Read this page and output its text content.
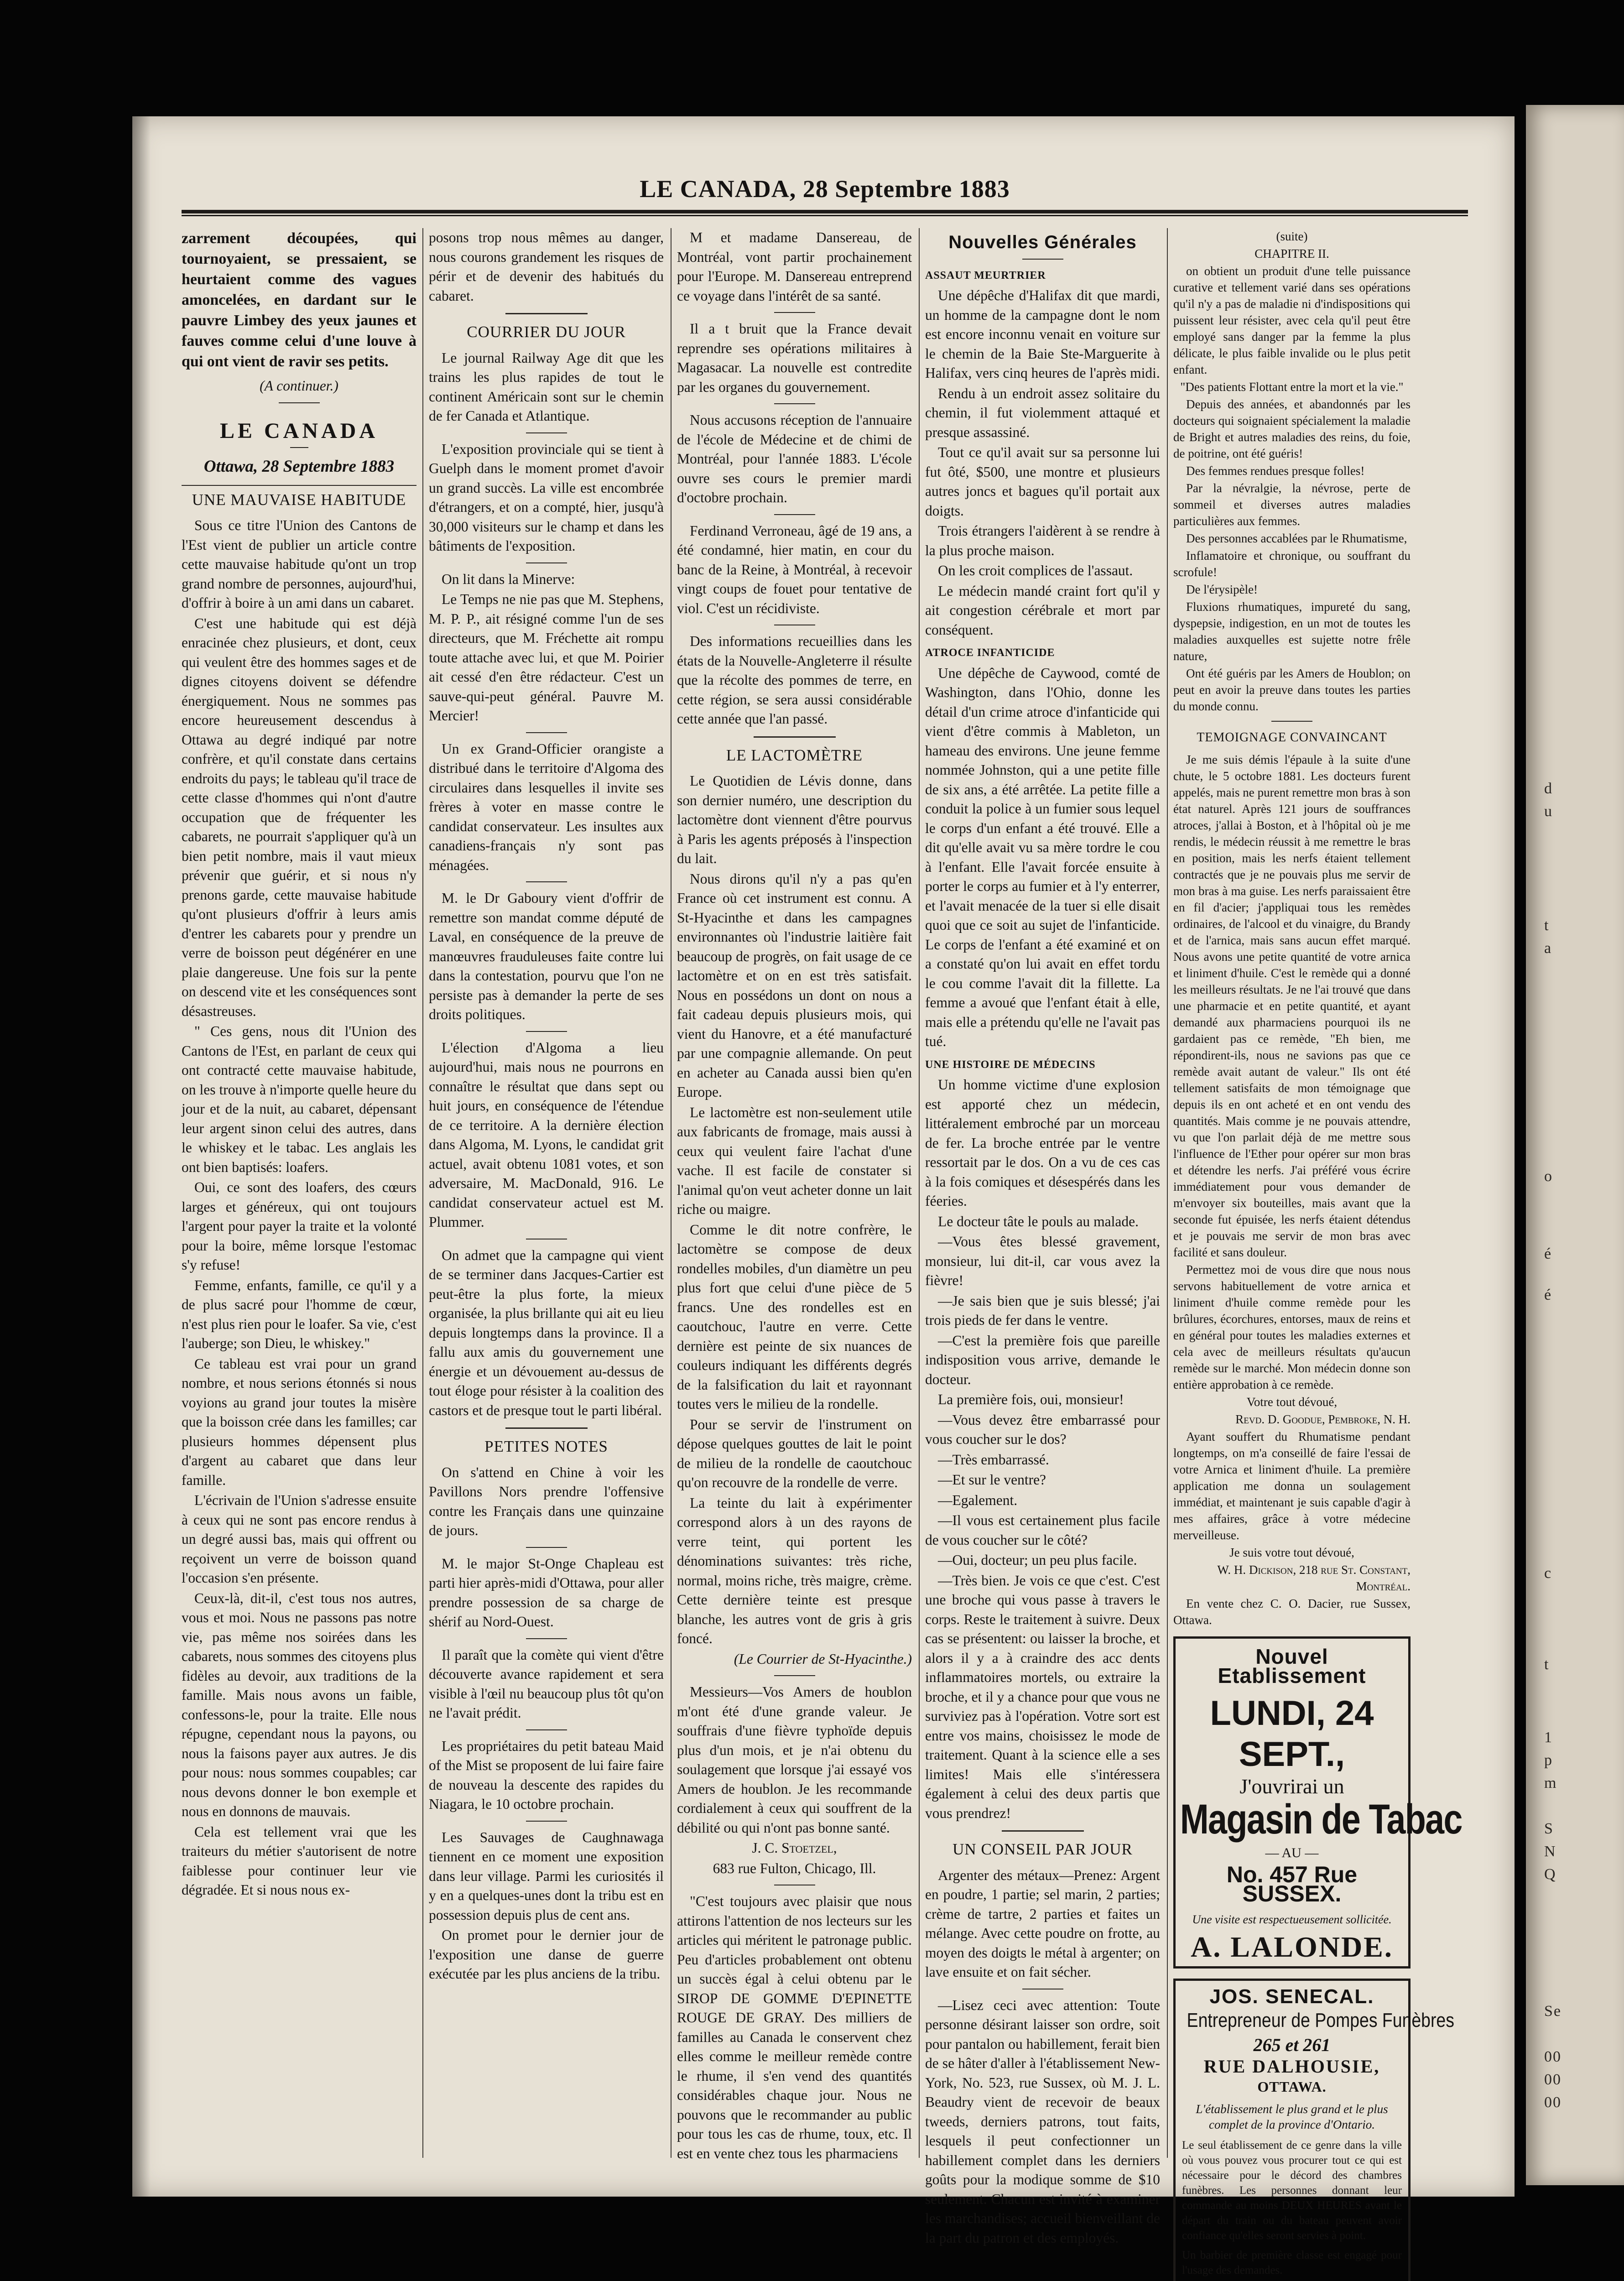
LE CANADA, 28 Septembre 1883

zarrement découpées, qui tournoyaient, se pressaient, se heurtaient comme des vagues amoncelées, en dardant sur le pauvre Limbey des yeux jaunes et fauves comme celui d'une louve à qui ont vient de ravir ses petits.

(A continuer.)

LE CANADA
Ottawa, 28 Septembre 1883
UNE MAUVAISE HABITUDE

Sous ce titre l'Union des Cantons de l'Est vient de publier un article contre cette mauvaise habitude qu'ont un trop grand nombre de personnes, aujourd'hui, d'offrir à boire à un ami dans un cabaret.

C'est une habitude qui est déjà enracinée chez plusieurs, et dont, ceux qui veulent être des hommes sages et de dignes citoyens doivent se défendre énergiquement. Nous ne sommes pas encore heureusement descendus à Ottawa au degré indiqué par notre confrère, et qu'il constate dans certains endroits du pays; le tableau qu'il trace de cette classe d'hommes qui n'ont d'autre occupation que de fréquenter les cabarets, ne pourrait s'appliquer qu'à un bien petit nombre, mais il vaut mieux prévenir que guérir, et si nous n'y prenons garde, cette mauvaise habitude qu'ont plusieurs d'offrir à leurs amis d'entrer les cabarets pour y prendre un verre de boisson peut dégénérer en une plaie dangereuse. Une fois sur la pente on descend vite et les conséquences sont désastreuses.

" Ces gens, nous dit l'Union des Cantons de l'Est, en parlant de ceux qui ont contracté cette mauvaise habitude, on les trouve à n'importe quelle heure du jour et de la nuit, au cabaret, dépensant leur argent sinon celui des autres, dans le whiskey et le tabac. Les anglais les ont bien baptisés: loafers.

Oui, ce sont des loafers, des cœurs larges et généreux, qui ont toujours l'argent pour payer la traite et la volonté pour la boire, même lorsque l'estomac s'y refuse!

Femme, enfants, famille, ce qu'il y a de plus sacré pour l'homme de cœur, n'est plus rien pour le loafer. Sa vie, c'est l'auberge; son Dieu, le whiskey."

Ce tableau est vrai pour un grand nombre, et nous serions étonnés si nous voyions au grand jour toutes la misère que la boisson crée dans les familles; car plusieurs hommes dépensent plus d'argent au cabaret que dans leur famille.

L'écrivain de l'Union s'adresse ensuite à ceux qui ne sont pas encore rendus à un degré aussi bas, mais qui offrent ou reçoivent un verre de boisson quand l'occasion s'en présente.

Ceux-là, dit-il, c'est tous nos autres, vous et moi. Nous ne passons pas notre vie, pas même nos soirées dans les cabarets, nous sommes des citoyens plus fidèles au devoir, aux traditions de la famille. Mais nous avons un faible, confessons-le, pour la traite. Elle nous répugne, cependant nous la payons, ou nous la faisons payer aux autres. Je dis pour nous: nous sommes coupables; car nous devons donner le bon exemple et nous en donnons de mauvais.

Cela est tellement vrai que les traiteurs du métier s'autorisent de notre faiblesse pour continuer leur vie dégradée. Et si nous nous ex-

posons trop nous mêmes au danger, nous courons grandement les risques de périr et de devenir des habitués du cabaret.

COURRIER DU JOUR

Le journal Railway Age dit que les trains les plus rapides de tout le continent Américain sont sur le chemin de fer Canada et Atlantique.

L'exposition provinciale qui se tient à Guelph dans le moment promet d'avoir un grand succès. La ville est encombrée d'étrangers, et on a compté, hier, jusqu'à 30,000 visiteurs sur le champ et dans les bâtiments de l'exposition.

On lit dans la Minerve:

Le Temps ne nie pas que M. Stephens, M. P. P., ait résigné comme l'un de ses directeurs, que M. Fréchette ait rompu toute attache avec lui, et que M. Poirier ait cessé d'en être rédacteur. C'est un sauve-qui-peut général. Pauvre M. Mercier!

Un ex Grand-Officier orangiste a distribué dans le territoire d'Algoma des circulaires dans lesquelles il invite ses frères à voter en masse contre le candidat conservateur. Les insultes aux canadiens-français n'y sont pas ménagées.

M. le Dr Gaboury vient d'offrir de remettre son mandat comme député de Laval, en conséquence de la preuve de manœuvres frauduleuses faite contre lui dans la contestation, pourvu que l'on ne persiste pas à demander la perte de ses droits politiques.

L'élection d'Algoma a lieu aujourd'hui, mais nous ne pourrons en connaître le résultat que dans sept ou huit jours, en conséquence de l'étendue de ce territoire. A la dernière élection dans Algoma, M. Lyons, le candidat grit actuel, avait obtenu 1081 votes, et son adversaire, M. MacDonald, 916. Le candidat conservateur actuel est M. Plummer.

On admet que la campagne qui vient de se terminer dans Jacques-Cartier est peut-être la plus forte, la mieux organisée, la plus brillante qui ait eu lieu depuis longtemps dans la province. Il a fallu aux amis du gouvernement une énergie et un dévouement au-dessus de tout éloge pour résister à la coalition des castors et de presque tout le parti libéral.

PETITES NOTES

On s'attend en Chine à voir les Pavillons Nors prendre l'offensive contre les Français dans une quinzaine de jours.

M. le major St-Onge Chapleau est parti hier après-midi d'Ottawa, pour aller prendre possession de sa charge de shérif au Nord-Ouest.

Il paraît que la comète qui vient d'être découverte avance rapidement et sera visible à l'œil nu beaucoup plus tôt qu'on ne l'avait prédit.

Les propriétaires du petit bateau Maid of the Mist se proposent de lui faire faire de nouveau la descente des rapides du Niagara, le 10 octobre prochain.

Les Sauvages de Caughnawaga tiennent en ce moment une exposition dans leur village. Parmi les curiosités il y en a quelques-unes dont la tribu est en possession depuis plus de cent ans.

On promet pour le dernier jour de l'exposition une danse de guerre exécutée par les plus anciens de la tribu.

M et madame Dansereau, de Montréal, vont partir prochainement pour l'Europe. M. Dansereau entreprend ce voyage dans l'intérêt de sa santé.

Il a t bruit que la France devait reprendre ses opérations militaires à Magasacar. La nouvelle est contredite par les organes du gouvernement.

Nous accusons réception de l'annuaire de l'école de Médecine et de chimi de Montréal, pour l'année 1883. L'école ouvre ses cours le premier mardi d'octobre prochain.

Ferdinand Verroneau, âgé de 19 ans, a été condamné, hier matin, en cour du banc de la Reine, à Montréal, à recevoir vingt coups de fouet pour tentative de viol. C'est un récidiviste.

Des informations recueillies dans les états de la Nouvelle-Angleterre il résulte que la récolte des pommes de terre, en cette région, se sera aussi considérable cette année que l'an passé.

LE LACTOMÈTRE

Le Quotidien de Lévis donne, dans son dernier numéro, une description du lactomètre dont viennent d'être pourvus à Paris les agents préposés à l'inspection du lait.

Nous dirons qu'il n'y a pas qu'en France où cet instrument est connu. A St-Hyacinthe et dans les campagnes environnantes où l'industrie laitière fait beaucoup de progrès, on fait usage de ce lactomètre et on en est très satisfait. Nous en possédons un dont on nous a fait cadeau depuis plusieurs mois, qui vient du Hanovre, et a été manufacturé par une compagnie allemande. On peut en acheter au Canada aussi bien qu'en Europe.

Le lactomètre est non-seulement utile aux fabricants de fromage, mais aussi à ceux qui veulent faire l'achat d'une vache. Il est facile de constater si l'animal qu'on veut acheter donne un lait riche ou maigre.

Comme le dit notre confrère, le lactomètre se compose de deux rondelles mobiles, d'un diamètre un peu plus fort que celui d'une pièce de 5 francs. Une des rondelles est en caoutchouc, l'autre en verre. Cette dernière est peinte de six nuances de couleurs indiquant les différents degrés de la falsification du lait et rayonnant toutes vers le milieu de la rondelle.

Pour se servir de l'instrument on dépose quelques gouttes de lait le point de milieu de la rondelle de caoutchouc qu'on recouvre de la rondelle de verre.

La teinte du lait à expérimenter correspond alors à un des rayons de verre teint, qui portent les dénominations suivantes: très riche, normal, moins riche, très maigre, crème. Cette dernière teinte est presque blanche, les autres vont de gris à gris foncé.

(Le Courrier de St-Hyacinthe.)

Messieurs—Vos Amers de houblon m'ont été d'une grande valeur. Je souffrais d'une fièvre typhoïde depuis plus d'un mois, et je n'ai obtenu du soulagement que lorsque j'ai essayé vos Amers de houblon. Je les recommande cordialement à ceux qui souffrent de la débilité ou qui n'ont pas bonne santé.

J. C. Stoetzel,

683 rue Fulton, Chicago, Ill.

"C'est toujours avec plaisir que nous attirons l'attention de nos lecteurs sur les articles qui méritent le patronage public. Peu d'articles probablement ont obtenu un succès égal à celui obtenu par le SIROP DE GOMME D'EPINETTE ROUGE DE GRAY. Des milliers de familles au Canada le conservent chez elles comme le meilleur remède contre le rhume, il s'en vend des quantités considérables chaque jour. Nous ne pouvons que le recommander au public pour tous les cas de rhume, toux, etc. Il est en vente chez tous les pharmaciens

Nouvelles Générales

ASSAUT MEURTRIER

Une dépêche d'Halifax dit que mardi, un homme de la campagne dont le nom est encore inconnu venait en voiture sur le chemin de la Baie Ste-Marguerite à Halifax, vers cinq heures de l'après midi.

Rendu à un endroit assez solitaire du chemin, il fut violemment attaqué et presque assassiné.

Tout ce qu'il avait sur sa personne lui fut ôté, $500, une montre et plusieurs autres joncs et bagues qu'il portait aux doigts.

Trois étrangers l'aidèrent à se rendre à la plus proche maison.

On les croit complices de l'assaut.

Le médecin mandé craint fort qu'il y ait congestion cérébrale et mort par conséquent.

ATROCE INFANTICIDE

Une dépêche de Caywood, comté de Washington, dans l'Ohio, donne les détail d'un crime atroce d'infanticide qui vient d'être commis à Mableton, un hameau des environs. Une jeune femme nommée Johnston, qui a une petite fille de six ans, a été arrêtée. La petite fille a conduit la police à un fumier sous lequel le corps d'un enfant a été trouvé. Elle a dit qu'elle avait vu sa mère tordre le cou à l'enfant. Elle l'avait forcée ensuite à porter le corps au fumier et à l'y enterrer, et l'avait menacée de la tuer si elle disait quoi que ce soit au sujet de l'infanticide. Le corps de l'enfant a été examiné et on a constaté qu'on lui avait en effet tordu le cou comme l'avait dit la fillette. La femme a avoué que l'enfant était à elle, mais elle a prétendu qu'elle ne l'avait pas tué.

UNE HISTOIRE DE MÉDECINS

Un homme victime d'une explosion est apporté chez un médecin, littéralement embroché par un morceau de fer. La broche entrée par le ventre ressortait par le dos. On a vu de ces cas à la fois comiques et désespérés dans les féeries.

Le docteur tâte le pouls au malade.

—Vous êtes blessé gravement, monsieur, lui dit-il, car vous avez la fièvre!

—Je sais bien que je suis blessé; j'ai trois pieds de fer dans le ventre.

—C'est la première fois que pareille indisposition vous arrive, demande le docteur.

La première fois, oui, monsieur!

—Vous devez être embarrassé pour vous coucher sur le dos?

—Très embarrassé.

—Et sur le ventre?

—Egalement.

—Il vous est certainement plus facile de vous coucher sur le côté?

—Oui, docteur; un peu plus facile.

—Très bien. Je vois ce que c'est. C'est une broche qui vous passe à travers le corps. Reste le traitement à suivre. Deux cas se présentent: ou laisser la broche, et alors il y a à craindre des acc dents inflammatoires mortels, ou extraire la broche, et il y a chance pour que vous ne surviviez pas à l'opération. Votre sort est entre vos mains, choisissez le mode de traitement. Quant à la science elle a ses limites! Mais elle s'intéressera également à celui des deux partis que vous prendrez!

UN CONSEIL PAR JOUR

Argenter des métaux—Prenez: Argent en poudre, 1 partie; sel marin, 2 parties; crème de tartre, 2 parties et faites un mélange. Avec cette poudre on frotte, au moyen des doigts le métal à argenter; on lave ensuite et on fait sécher.

—Lisez ceci avec attention: Toute personne désirant laisser son ordre, soit pour pantalon ou habillement, ferait bien de se hâter d'aller à l'établissement New-York, No. 523, rue Sussex, où M. J. L. Beaudry vient de recevoir de beaux tweeds, derniers patrons, tout faits, lesquels il peut confectionner un habillement complet dans les derniers goûts pour la modique somme de $10 seulement. Chacun est invité à examiner les marchandises; accueil bienveillant de la part du patron et des employés.

(suite)

CHAPITRE II.

on obtient un produit d'une telle puissance curative et tellement varié dans ses opérations qu'il n'y a pas de maladie ni d'indispositions qui puissent leur résister, avec cela qu'il peut être employé sans danger par la femme la plus délicate, le plus faible invalide ou le plus petit enfant.

"Des patients Flottant entre la mort et la vie."

Depuis des années, et abandonnés par les docteurs qui soignaient spécialement la maladie de Bright et autres maladies des reins, du foie, de poitrine, ont été guéris!

Des femmes rendues presque folles!

Par la névralgie, la névrose, perte de sommeil et diverses autres maladies particulières aux femmes.

Des personnes accablées par le Rhumatisme,

Inflamatoire et chronique, ou souffrant du scrofule!

De l'érysipèle!

Fluxions rhumatiques, impureté du sang, dyspepsie, indigestion, en un mot de toutes les maladies auxquelles est sujette notre frêle nature,

Ont été guéris par les Amers de Houblon; on peut en avoir la preuve dans toutes les parties du monde connu.

TEMOIGNAGE CONVAINCANT

Je me suis démis l'épaule à la suite d'une chute, le 5 octobre 1881. Les docteurs furent appelés, mais ne purent remettre mon bras à son état naturel. Après 121 jours de souffrances atroces, j'allai à Boston, et à l'hôpital où je me rendis, le médecin réussit à me remettre le bras en position, mais les nerfs étaient tellement contractés que je ne pouvais plus me servir de mon bras à ma guise. Les nerfs paraissaient être en fil d'acier; j'appliquai tous les remèdes ordinaires, de l'alcool et du vinaigre, du Brandy et de l'arnica, mais sans aucun effet marqué. Nous avons une petite quantité de votre arnica et liniment d'huile. C'est le remède qui a donné les meilleurs résultats. Je ne l'ai trouvé que dans une pharmacie et en petite quantité, et ayant demandé aux pharmaciens pourquoi ils ne gardaient pas ce remède, "Eh bien, me répondirent-ils, nous ne savions pas que ce remède avait autant de valeur." Ils ont été tellement satisfaits de mon témoignage que depuis ils en ont acheté et en ont vendu des quantités. Mais comme je ne pouvais attendre, vu que l'on parlait déjà de me mettre sous l'influence de l'Ether pour opérer sur mon bras et détendre les nerfs. J'ai préféré vous écrire immédiatement pour vous demander de m'envoyer six bouteilles, mais avant que la seconde fut épuisée, les nerfs étaient détendus et je pouvais me servir de mon bras avec facilité et sans douleur.

Permettez moi de vous dire que nous nous servons habituellement de votre arnica et liniment d'huile comme remède pour les brûlures, écorchures, entorses, maux de reins et en général pour toutes les maladies externes et cela avec de meilleurs résultats qu'aucun remède sur le marché. Mon médecin donne son entière approbation à ce remède.

Votre tout dévoué,

Revd. D. Goodue, Pembroke, N. H.

Ayant souffert du Rhumatisme pendant longtemps, on m'a conseillé de faire l'essai de votre Arnica et liniment d'huile. La première application me donna un soulagement immédiat, et maintenant je suis capable d'agir à mes affaires, grâce à votre médecine merveilleuse.

Je suis votre tout dévoué,

W. H. Dickison, 218 rue St. Constant, Montréal.

En vente chez C. O. Dacier, rue Sussex, Ottawa.

Nouvel Etablissement
LUNDI, 24 SEPT.,
J'ouvrirai un
Magasin de Tabac
— AU —
No. 457 Rue SUSSEX.
Une visite est respectueusement sollicitée.
A. LALONDE.
JOS. SENECAL.
Entrepreneur de Pompes Funèbres
265 et 261
RUE DALHOUSIE,
OTTAWA.
L'établissement le plus grand et le plus complet de la province d'Ontario.
Le seul établissement de ce genre dans la ville où vous pouvez vous procurer tout ce qui est nécessaire pour le décord des chambres funèbres. Les personnes donnant leur commande au moins DEUX HEURES avant le départ du train ou du bateau peuvent avoir confiance qu'elles seront servies à point.
Un barbier de première classe est engagé pour l'usage des demandes.
d
u
t
a
o
é
é
c
t
1
p
m
S
N
Q
Se
00
00
00
